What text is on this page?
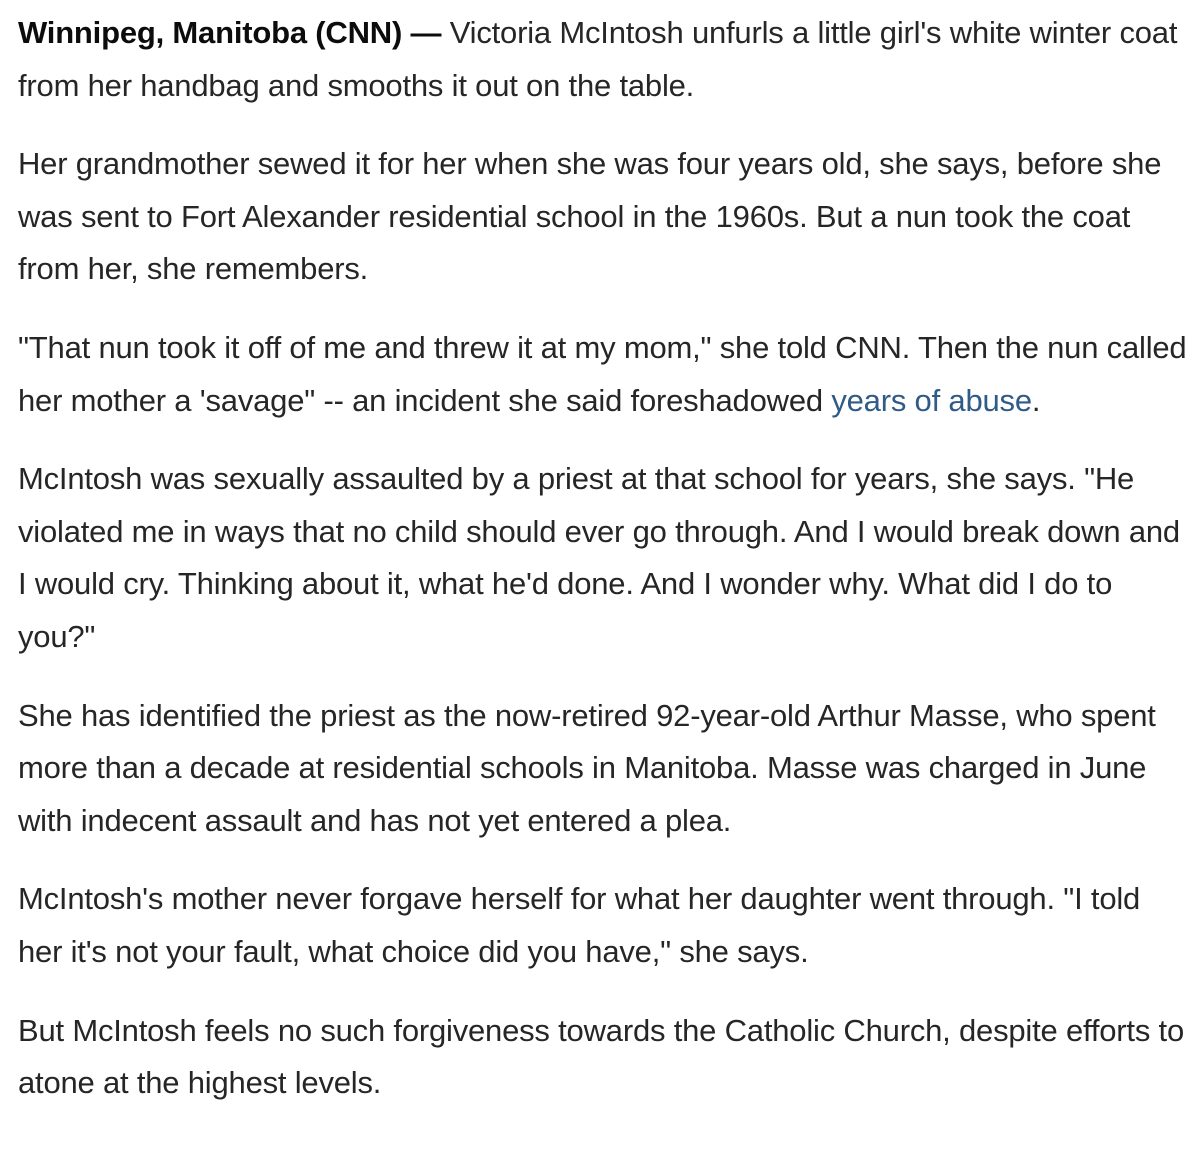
Winnipeg, Manitoba (CNN) — Victoria McIntosh unfurls a little girl's white winter coat from her handbag and smooths it out on the table.

Her grandmother sewed it for her when she was four years old, she says, before she was sent to Fort Alexander residential school in the 1960s. But a nun took the coat from her, she remembers.

"That nun took it off of me and threw it at my mom," she told CNN. Then the nun called her mother a 'savage" -- an incident she said foreshadowed years of abuse.

McIntosh was sexually assaulted by a priest at that school for years, she says. "He violated me in ways that no child should ever go through. And I would break down and I would cry. Thinking about it, what he'd done. And I wonder why. What did I do to you?"

She has identified the priest as the now-retired 92-year-old Arthur Masse, who spent more than a decade at residential schools in Manitoba. Masse was charged in June with indecent assault and has not yet entered a plea.

McIntosh's mother never forgave herself for what her daughter went through. "I told her it's not your fault, what choice did you have," she says.

But McIntosh feels no such forgiveness towards the Catholic Church, despite efforts to atone at the highest levels.
